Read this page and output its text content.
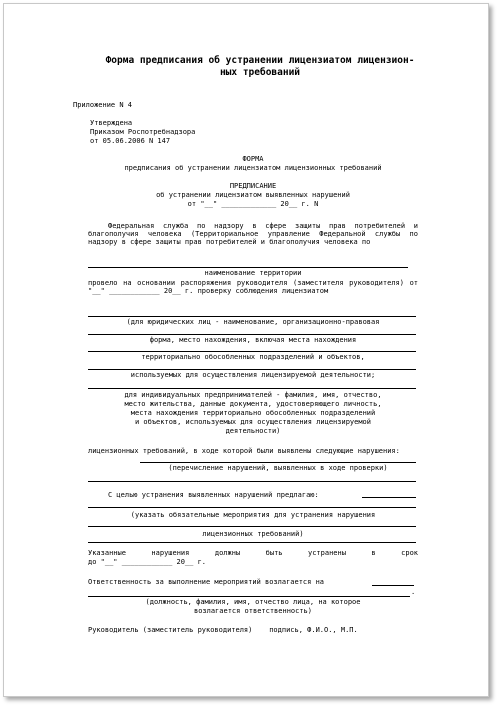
Форма предписания об устранении лицензиатом лицензион-
ных требований
Приложение N 4
Утверждена
Приказом Роспотребнадзора
от 05.06.2006 N 147
ФОРМА
предписания об устранении лицензиатом лицензионных требований
ПРЕДПИСАНИЕ
об устранении лицензиатом выявленных нарушений
от "__" _____________ 20__ г. N
Федеральная служба по надзору в сфере защиты прав потребителей и благополучия человека (Территориальное управление Федеральной службы по надзору в сфере защиты прав потребителей и благополучия человека по
наименование территории
провело на основании распоряжения руководителя (заместителя руководителя) от "__" ____________ 20__ г. проверку соблюдения лицензиатом
(для юридических лиц - наименование, организационно-правовая
форма, место нахождения, включая места нахождения
территориально обособленных подразделений и объектов,
используемых для осуществления лицензируемой деятельности;
для индивидуальных предпринимателей - фамилия, имя, отчество,
место жительства, данные документа, удостоверяющего личность,
места нахождения территориально обособленных подразделений
и объектов, используемых для осуществления лицензируемой
деятельности)
лицензионных требований, в ходе которой были выявлены следующие нарушения:
(перечисление нарушений, выявленных в ходе проверки)
С целью устранения выявленных нарушений предлагаю:
(указать обязательные мероприятия для устранения нарушения
лицензионных требований)
Указанные нарушения должны быть устранены в срок
до "__" ____________ 20__ г.
Ответственность за выполнение мероприятий возлагается на
.
(должность, фамилия, имя, отчество лица, на которое
возлагается ответственность)
Руководитель (заместитель руководителя)    подпись, Ф.И.О., М.П.
